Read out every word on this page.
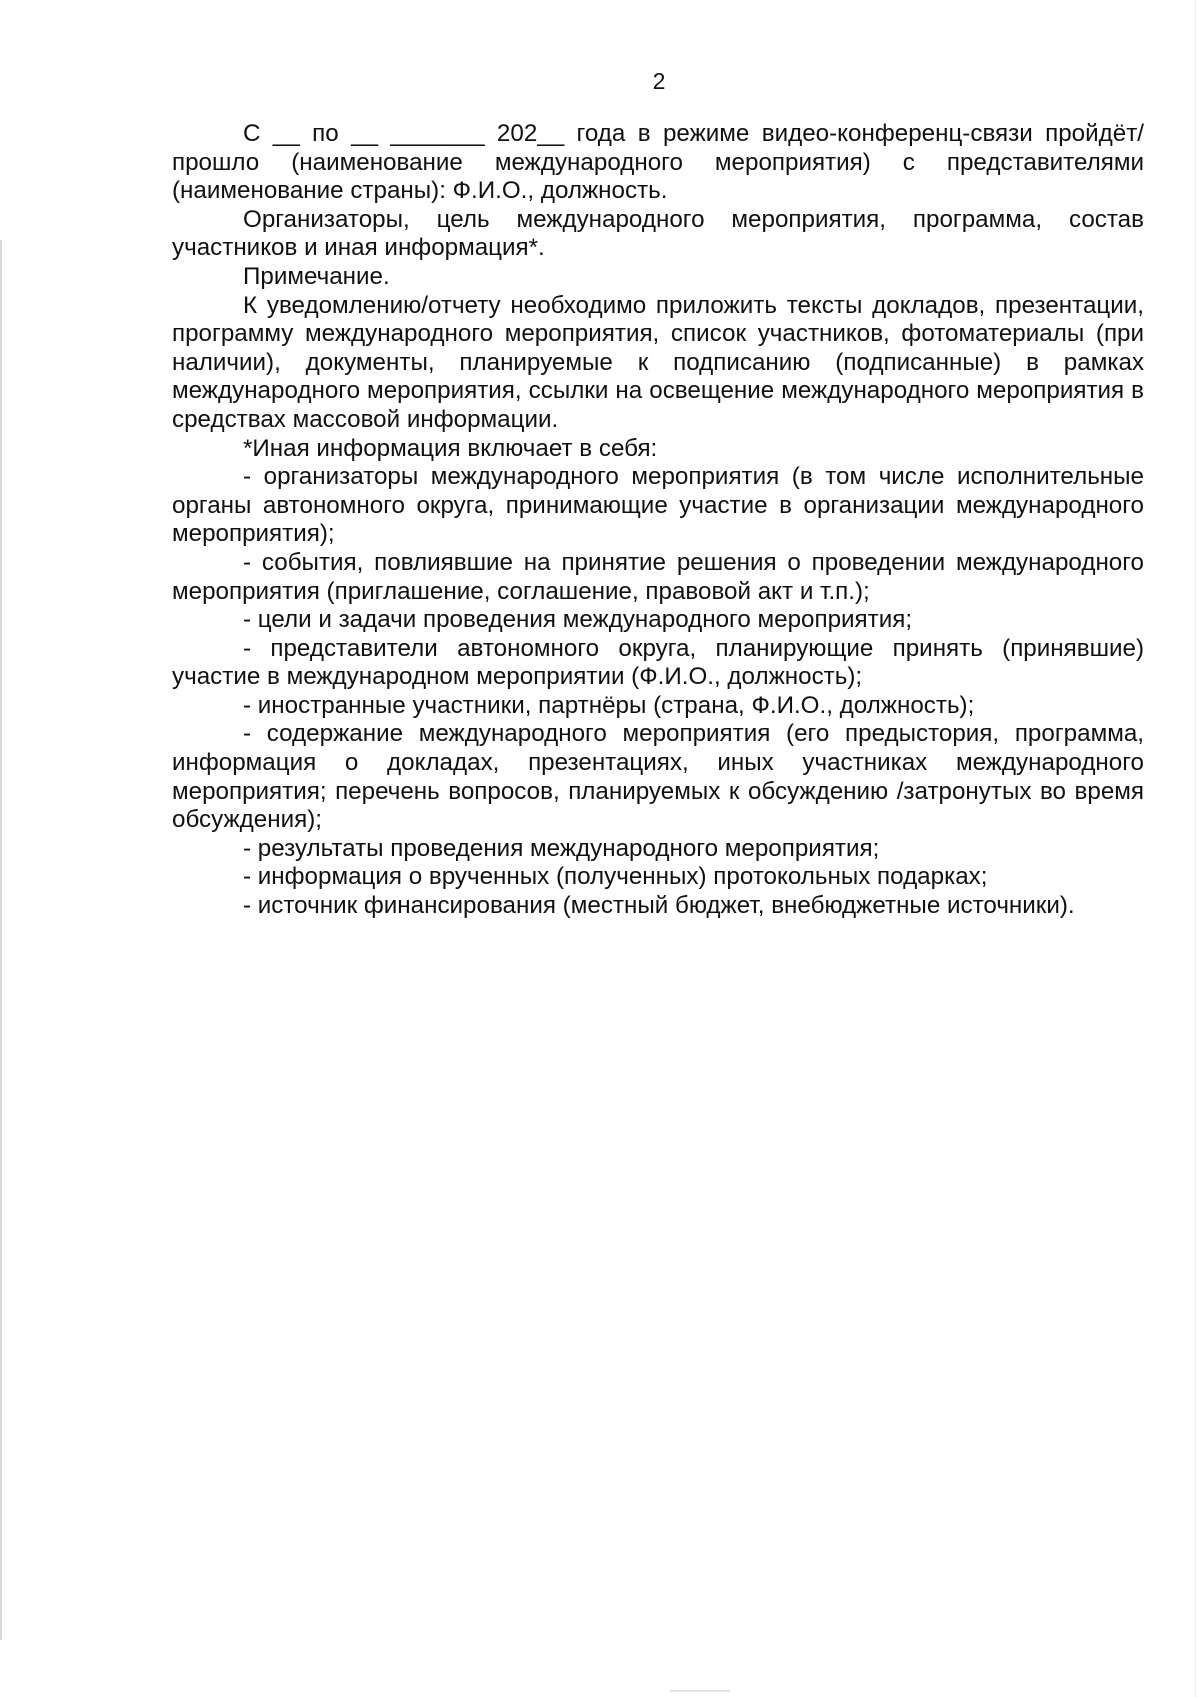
2

С __ по __ _______ 202__ года в режиме видео-конференц-связи пройдёт/прошло (наименование международного мероприятия) с представителями (наименование страны): Ф.И.О., должность.

Организаторы, цель международного мероприятия, программа, состав участников и иная информация*.

Примечание.

К уведомлению/отчету необходимо приложить тексты докладов, презентации, программу международного мероприятия, список участников, фотоматериалы (при наличии), документы, планируемые к подписанию (подписанные) в рамках международного мероприятия, ссылки на освещение международного мероприятия в средствах массовой информации.

*Иная информация включает в себя:

- организаторы международного мероприятия (в том числе исполнительные органы автономного округа, принимающие участие в организации международного мероприятия);

- события, повлиявшие на принятие решения о проведении международного мероприятия (приглашение, соглашение, правовой акт и т.п.);

- цели и задачи проведения международного мероприятия;

- представители автономного округа, планирующие принять (принявшие) участие в международном мероприятии (Ф.И.О., должность);

- иностранные участники, партнёры (страна, Ф.И.О., должность);

- содержание международного мероприятия (его предыстория, программа, информация о докладах, презентациях, иных участниках международного мероприятия; перечень вопросов, планируемых к обсуждению /затронутых во время обсуждения);

- результаты проведения международного мероприятия;

- информация о врученных (полученных) протокольных подарках;

- источник финансирования (местный бюджет, внебюджетные источники).
